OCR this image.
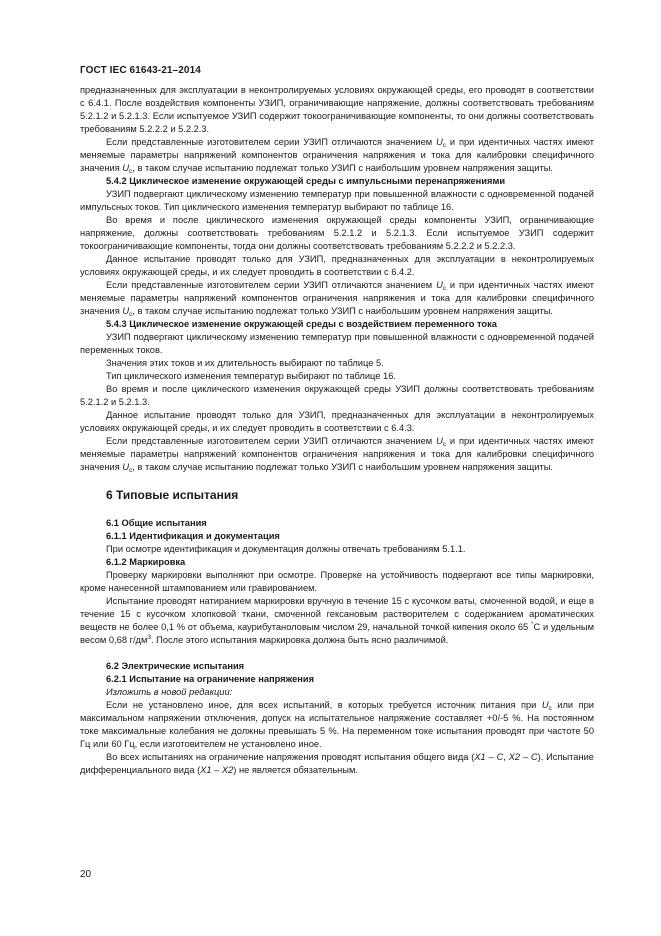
ГОСТ IEC 61643-21–2014

предназначенных для эксплуатации в неконтролируемых условиях окружающей среды, его проводят в соответствии с 6.4.1. После воздействия компоненты УЗИП, ограничивающие напряжение, должны соответствовать требованиям 5.2.1.2 и 5.2.1.3. Если испытуемое УЗИП содержит токоограничивающие компоненты, то они должны соответствовать требованиям 5.2.2.2 и 5.2.2.3.

Если представленные изготовителем серии УЗИП отличаются значением $U_c$ и при идентичных частях имеют меняемые параметры напряжений компонентов ограничения напряжения и тока для калибровки специфичного значения $U_c$, в таком случае испытанию подлежат только УЗИП с наибольшим уровнем напряжения защиты.

5.4.2 Циклическое изменение окружающей среды с импульсными перенапряжениями

УЗИП подвергают циклическому изменению температур при повышенной влажности с одновременной подачей импульсных токов. Тип циклического изменения температур выбирают по таблице 16.

Во время и после циклического изменения окружающей среды компоненты УЗИП, ограничивающие напряжение, должны соответствовать требованиям 5.2.1.2 и 5.2.1.3. Если испытуемое УЗИП содержит токоограничивающие компоненты, тогда они должны соответствовать требованиям 5.2.2.2 и 5.2.2.3.

Данное испытание проводят только для УЗИП, предназначенных для эксплуатации в неконтролируемых условиях окружающей среды, и их следует проводить в соответствии с 6.4.2.

Если представленные изготовителем серии УЗИП отличаются значением $U_c$ и при идентичных частях имеют меняемые параметры напряжений компонентов ограничения напряжения и тока для калибровки специфичного значения $U_c$, в таком случае испытанию подлежат только УЗИП с наибольшим уровнем напряжения защиты.

5.4.3 Циклическое изменение окружающей среды с воздействием переменного тока

УЗИП подвергают циклическому изменению температур при повышенной влажности с одновременной подачей переменных токов.

Значения этих токов и их длительность выбирают по таблице 5.

Тип циклического изменения температур выбирают по таблице 16.

Во время и после циклического изменения окружающей среды УЗИП должны соответствовать требованиям 5.2.1.2 и 5.2.1.3.

Данное испытание проводят только для УЗИП, предназначенных для эксплуатации в неконтролируемых условиях окружающей среды, и их следует проводить в соответствии с 6.4.3.

Если представленные изготовителем серии УЗИП отличаются значением $U_c$ и при идентичных частях имеют меняемые параметры напряжений компонентов ограничения напряжения и тока для калибровки специфичного значения $U_c$, в таком случае испытанию подлежат только УЗИП с наибольшим уровнем напряжения защиты.

6 Типовые испытания

6.1 Общие испытания

6.1.1 Идентификация и документация

При осмотре идентификация и документация должны отвечать требованиям 5.1.1.

6.1.2 Маркировка

Проверку маркировки выполняют при осмотре. Проверке на устойчивость подвергают все типы маркировки, кроме нанесенной штампованием или гравированием.

Испытание проводят натиранием маркировки вручную в течение 15 с кусочком ваты, смоченной водой, и еще в течение 15 с кусочком хлопковой ткани, смоченной гексановым растворителем с содержанием ароматических веществ не более 0,1 % от объема, каурибутаноловым числом 29, начальной точкой кипения около 65 °C и удельным весом 0,68 $г/дм^3$. После этого испытания маркировка должна быть ясно различимой.

6.2 Электрические испытания

6.2.1 Испытание на ограничение напряжения

Изложить в новой редакции:

Если не установлено иное, для всех испытаний, в которых требуется источник питания при $U_c$ или при максимальном напряжении отключения, допуск на испытательное напряжение составляет +0/-5 %. На постоянном токе максимальные колебания не должны превышать 5 %. На переменном токе испытания проводят при частоте 50 Гц или 60 Гц, если изготовителем не установлено иное.

Во всех испытаниях на ограничение напряжения проводят испытания общего вида (X1 – C, X2 – C). Испытание дифференциального вида (X1 – X2) не является обязательным.

20
